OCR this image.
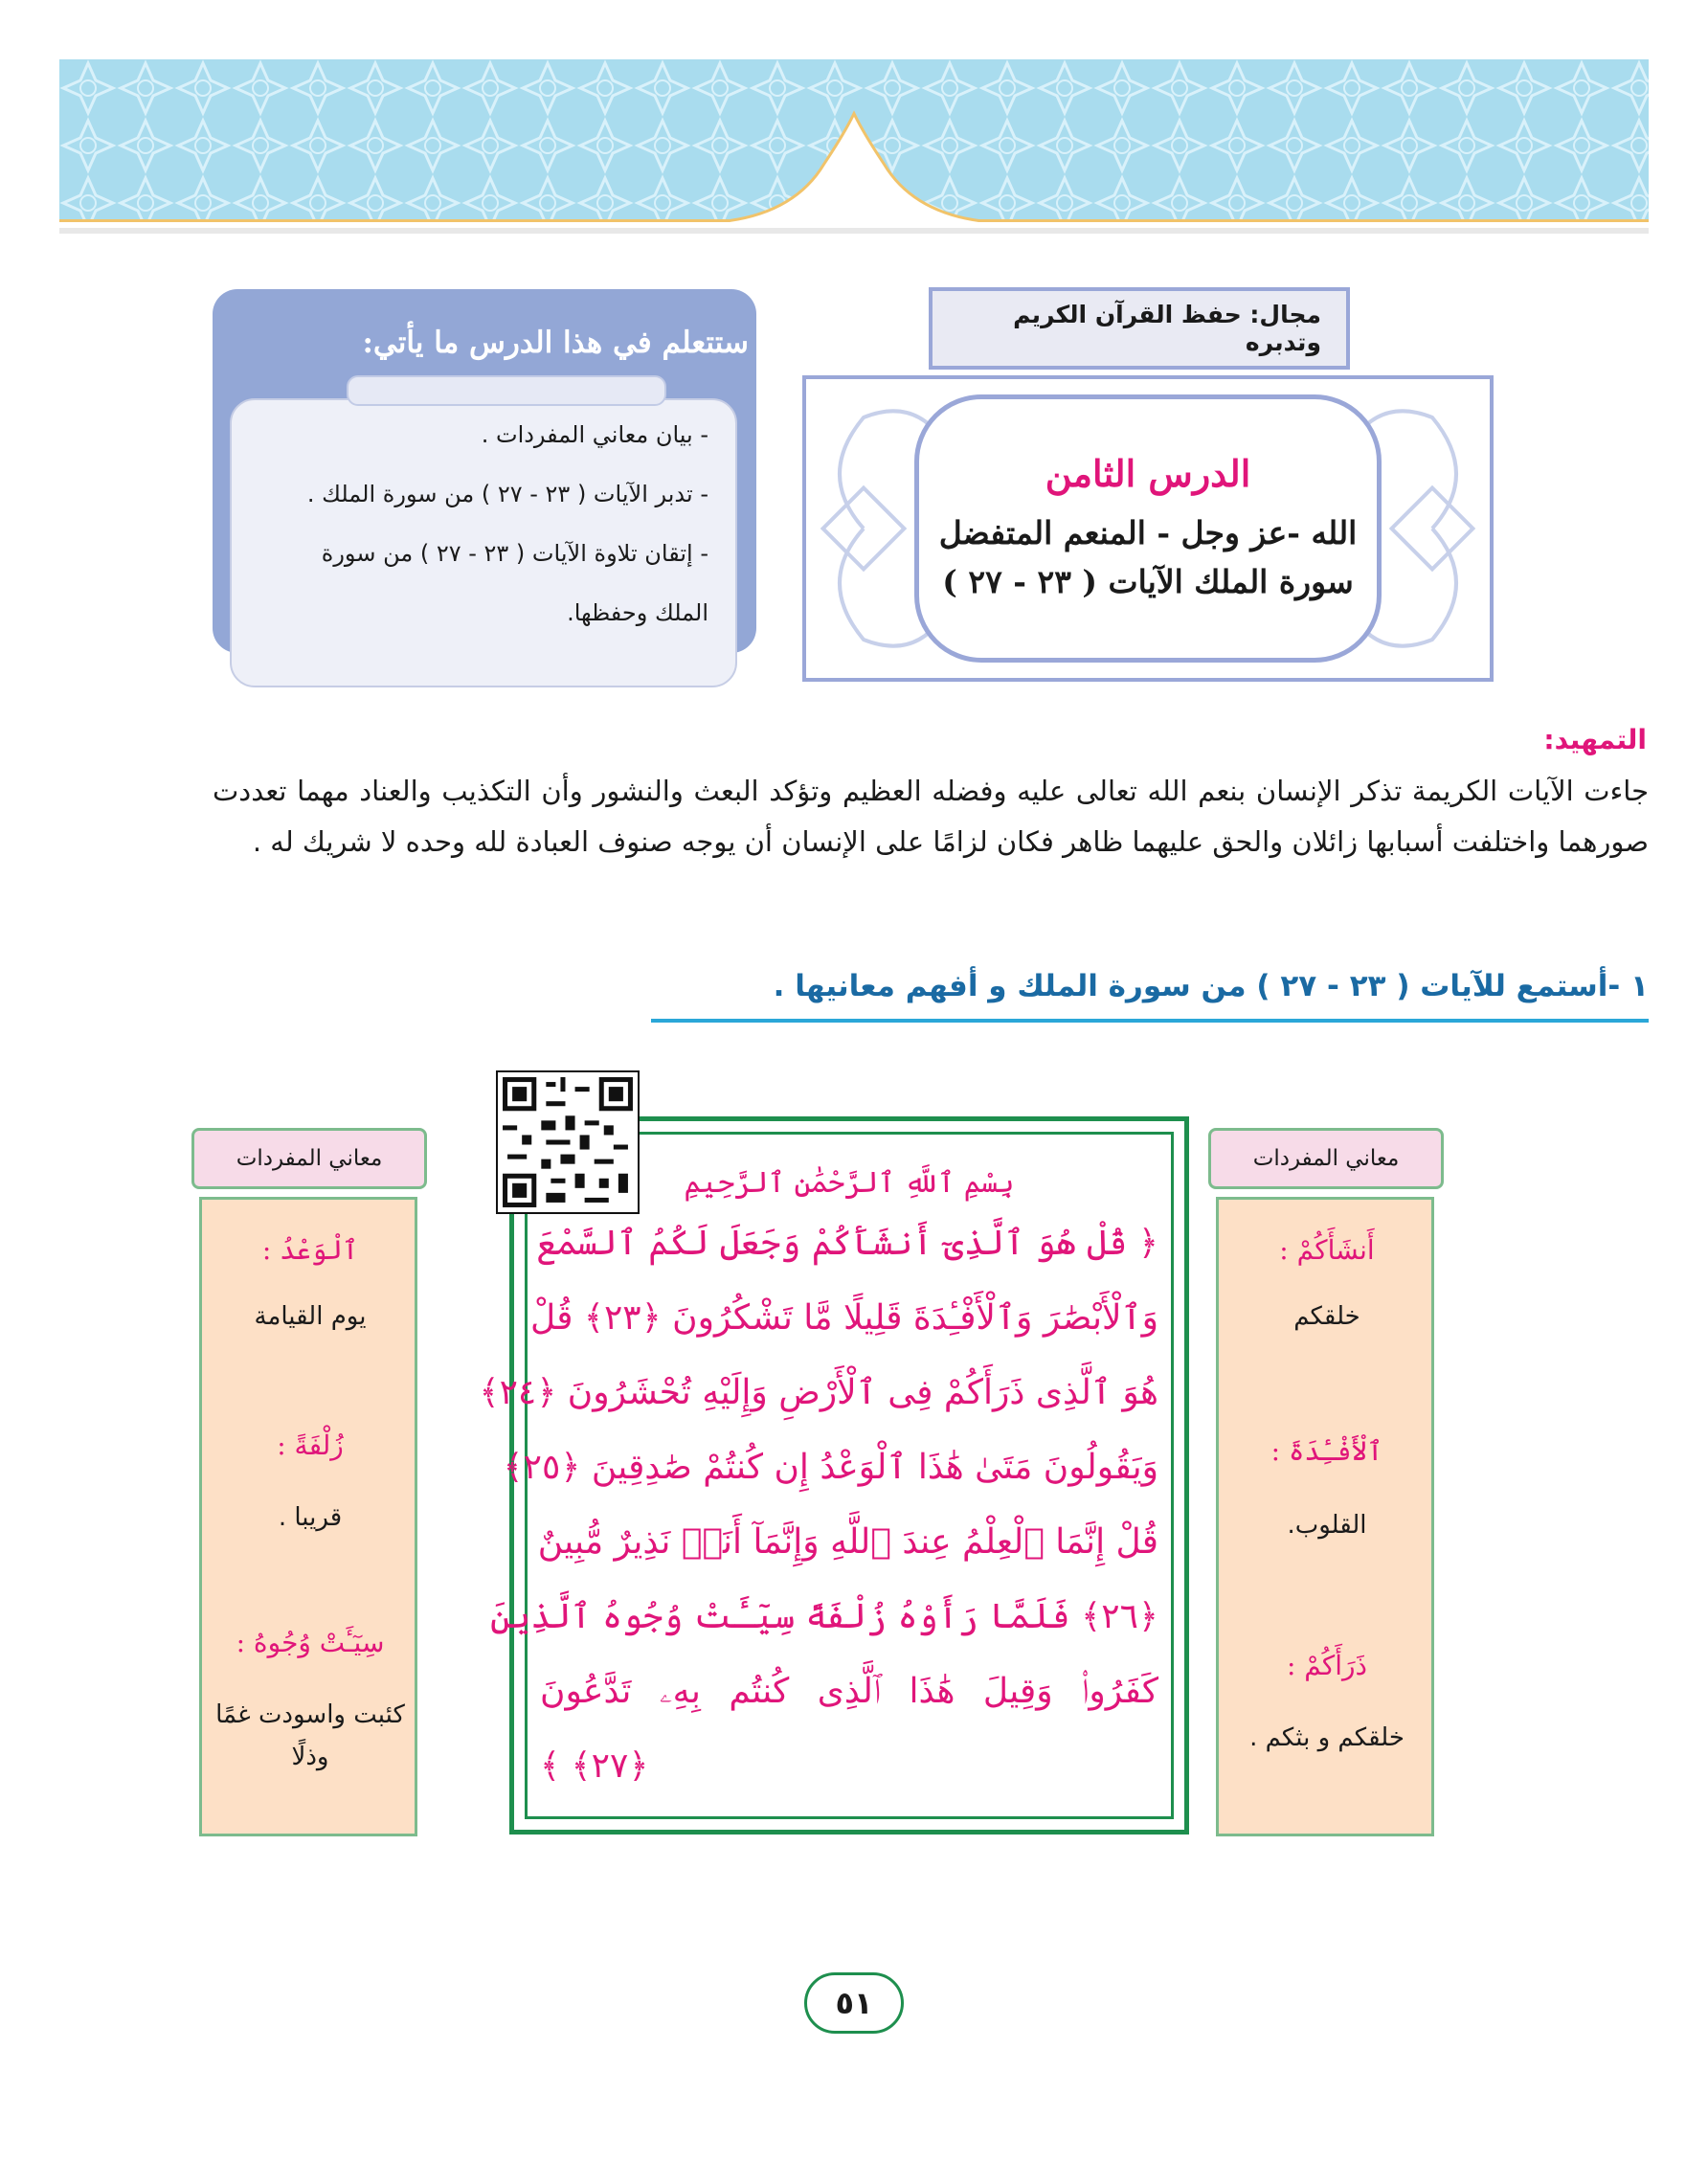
مجال: حفظ القرآن الكريم وتدبره
الدرس الثامن
الله -عز وجل - المنعم المتفضل
سورة الملك الآيات ( ٢٣ - ٢٧ )
ستتعلم في هذا الدرس ما يأتي:
- بيان معاني المفردات .
- تدبر الآيات ( ٢٣ - ٢٧ ) من سورة الملك .
- إتقان تلاوة الآيات ( ٢٣ - ٢٧ ) من سورة
الملك وحفظها.
التمهيد:
جاءت الآيات الكريمة تذكر الإنسان بنعم الله تعالى عليه وفضله العظيم وتؤكد البعث والنشور وأن التكذيب والعناد مهما تعددت صورهما واختلفت أسبابها زائلان والحق عليهما ظاهر فكان لزامًا على الإنسان أن يوجه صنوف العبادة لله وحده لا شريك له .
١ -أستمع للآيات ( ٢٣ - ٢٧ ) من سورة الملك و أفهم معانيها .
معاني المفردات
أَنشَأَكُمْ :
خلقكم
ٱلْأَفْـِٔدَةَ :
القلوب.
ذَرَأَكُمْ :
خلقكم و بثكم .
معاني المفردات
ٱلْوَعْدُ :
يوم القيامة
زُلْفَةً :
قريبا .
سِيٓـَٔتْ وُجُوهُ :
كئبت واسودت غمًا وذلًا
بِسْمِ ٱللَّهِ ٱلرَّحْمَٰنِ ٱلرَّحِيمِ
﴿ قُلْ هُوَ ٱلَّذِىٓ أَنشَأَكُمْ وَجَعَلَ لَكُمُ ٱلسَّمْعَ
وَٱلْأَبْصَٰرَ وَٱلْأَفْـِٔدَةَ قَلِيلًا مَّا تَشْكُرُونَ ﴿٢٣﴾ قُلْ
هُوَ ٱلَّذِى ذَرَأَكُمْ فِى ٱلْأَرْضِ وَإِلَيْهِ تُحْشَرُونَ ﴿٢٤﴾
وَيَقُولُونَ مَتَىٰ هَٰذَا ٱلْوَعْدُ إِن كُنتُمْ صَٰدِقِينَ ﴿٢٥﴾
قُلْ إِنَّمَا ٱلْعِلْمُ عِندَ ٱللَّهِ وَإِنَّمَآ أَنَا۠ نَذِيرٌ مُّبِينٌ
﴿٢٦﴾ فَلَمَّا رَأَوْهُ زُلْفَةً سِيٓـَٔتْ وُجُوهُ ٱلَّذِينَ
كَفَرُوا۟ وَقِيلَ هَٰذَا ٱلَّذِى كُنتُم بِهِۦ تَدَّعُونَ
﴿٢٧﴾ ﴾
٥١
